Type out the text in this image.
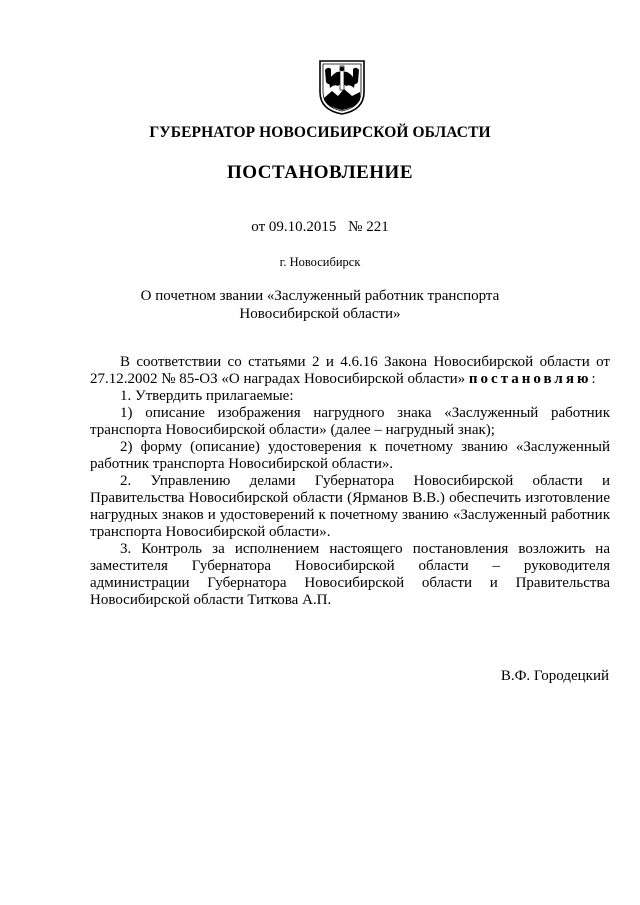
ГУБЕРНАТОР НОВОСИБИРСКОЙ ОБЛАСТИ
ПОСТАНОВЛЕНИЕ
от 09.10.2015 № 221
г. Новосибирск
О почетном звании «Заслуженный работник транспорта
Новосибирской области»

В соответствии со статьями 2 и 4.6.16 Закона Новосибирской области от 27.12.2002 № 85-ОЗ «О наградах Новосибирской области» постановляю:

1. Утвердить прилагаемые:

1) описание изображения нагрудного знака «Заслуженный работник транспорта Новосибирской области» (далее – нагрудный знак);

2) форму (описание) удостоверения к почетному званию «Заслуженный работник транспорта Новосибирской области».

2. Управлению делами Губернатора Новосибирской области и Правительства Новосибирской области (Ярманов В.В.) обеспечить изготовление нагрудных знаков и удостоверений к почетному званию «Заслуженный работник транспорта Новосибирской области».

3. Контроль за исполнением настоящего постановления возложить на заместителя Губернатора Новосибирской области – руководителя администрации Губернатора Новосибирской области и Правительства Новосибирской области Титкова А.П.

В.Ф. Городецкий
